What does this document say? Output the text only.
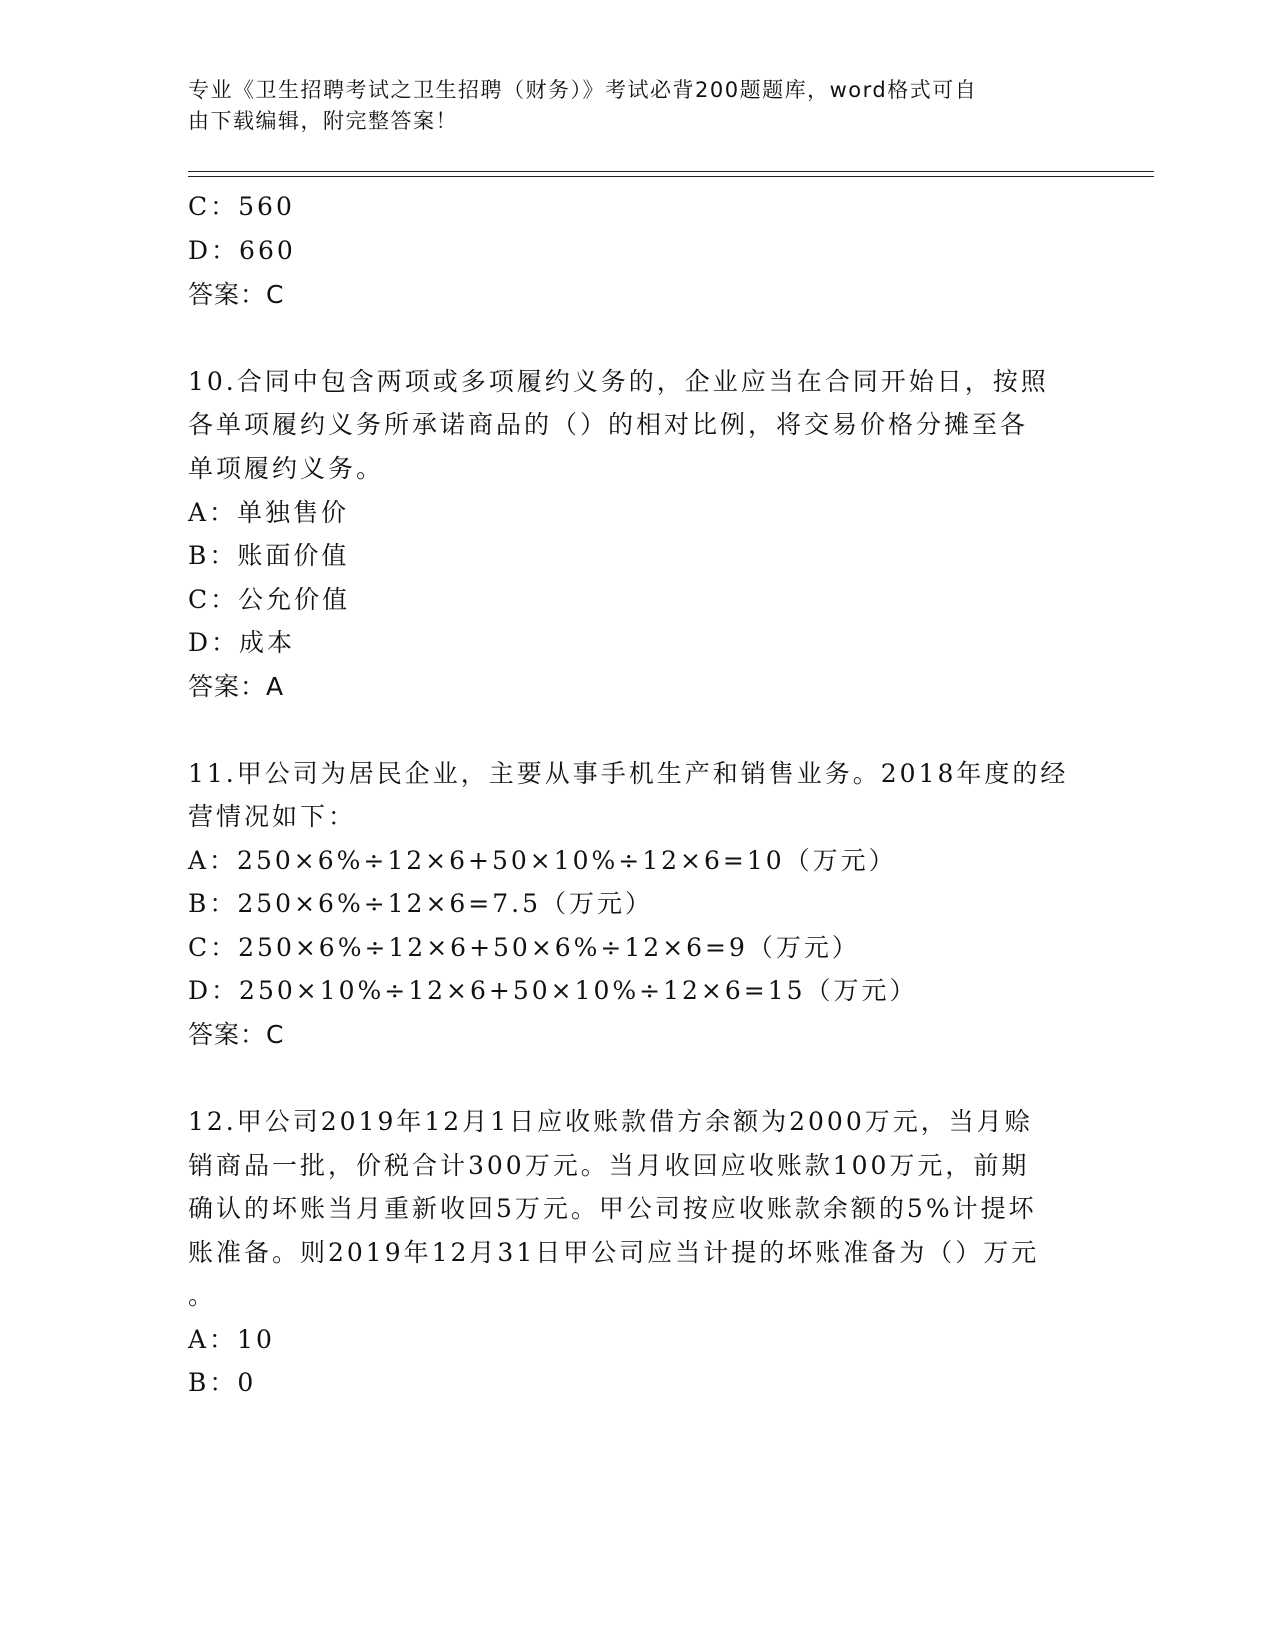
专业《卫生招聘考试之卫生招聘（财务）》考试必背200题题库，word格式可自
由下载编辑，附完整答案！
C：560
D：660
答案：C
10.合同中包含两项或多项履约义务的，企业应当在合同开始日，按照
各单项履约义务所承诺商品的（）的相对比例，将交易价格分摊至各
单项履约义务。
A：单独售价
B：账面价值
C：公允价值
D：成本
答案：A
11.甲公司为居民企业，主要从事手机生产和销售业务。2018年度的经
营情况如下：
A：250×6%÷12×6+50×10%÷12×6=10（万元）
B：250×6%÷12×6=7.5（万元）
C：250×6%÷12×6+50×6%÷12×6=9（万元）
D：250×10%÷12×6+50×10%÷12×6=15（万元）
答案：C
12.甲公司2019年12月1日应收账款借方余额为2000万元，当月赊
销商品一批，价税合计300万元。当月收回应收账款100万元，前期
确认的坏账当月重新收回5万元。甲公司按应收账款余额的5%计提坏
账准备。则2019年12月31日甲公司应当计提的坏账准备为（）万元
。
A：10
B：0
